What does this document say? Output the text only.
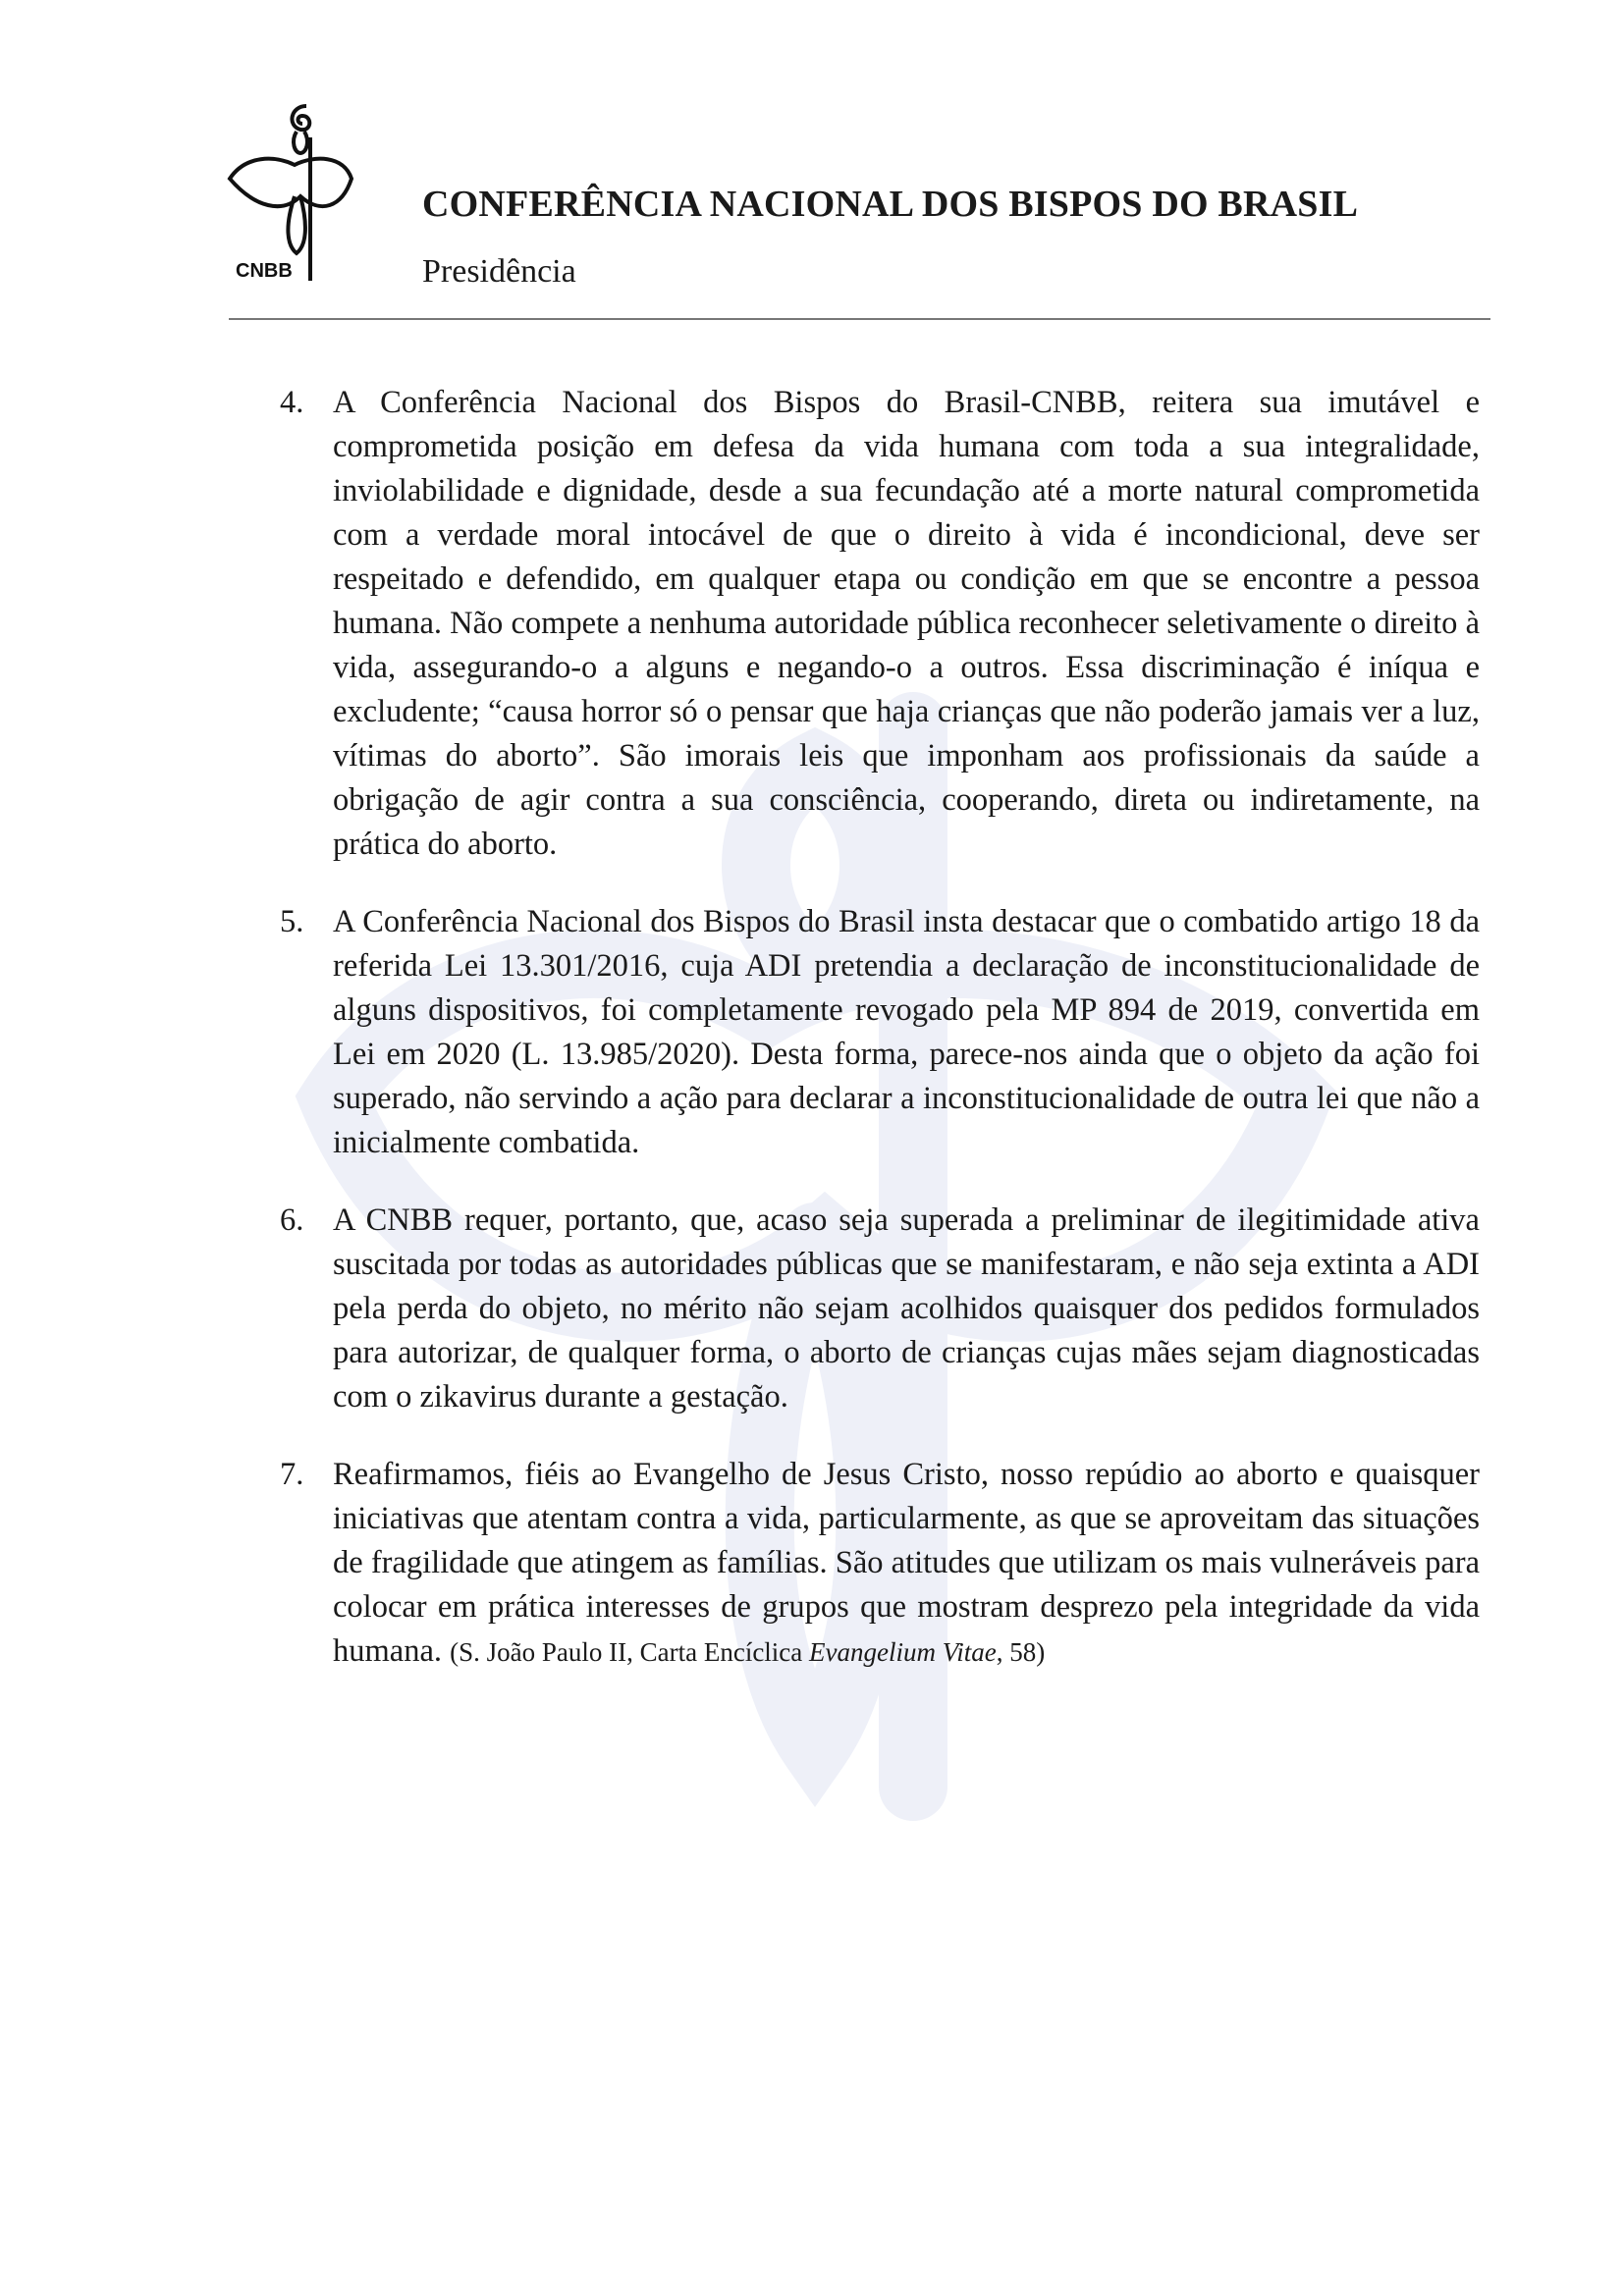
CNBB
CONFERÊNCIA NACIONAL DOS BISPOS DO BRASIL
Presidência
4. A Conferência Nacional dos Bispos do Brasil-CNBB, reitera sua imutável e comprometida posição em defesa da vida humana com toda a sua integralidade, inviolabilidade e dignidade, desde a sua fecundação até a morte natural comprometida com a verdade moral intocável de que o direito à vida é incondicional, deve ser respeitado e defendido, em qualquer etapa ou condição em que se encontre a pessoa humana. Não compete a nenhuma autoridade pública reconhecer seletivamente o direito à vida, assegurando-o a alguns e negando-o a outros. Essa discriminação é iníqua e excludente; “causa horror só o pensar que haja crianças que não poderão jamais ver a luz, vítimas do aborto”. São imorais leis que imponham aos profissionais da saúde a obrigação de agir contra a sua consciência, cooperando, direta ou indiretamente, na prática do aborto.
5. A Conferência Nacional dos Bispos do Brasil insta destacar que o combatido artigo 18 da referida Lei 13.301/2016, cuja ADI pretendia a declaração de inconstitucionalidade de alguns dispositivos, foi completamente revogado pela MP 894 de 2019, convertida em Lei em 2020 (L. 13.985/2020). Desta forma, parece-nos ainda que o objeto da ação foi superado, não servindo a ação para declarar a inconstitucionalidade de outra lei que não a inicialmente combatida.
6. A CNBB requer, portanto, que, acaso seja superada a preliminar de ilegitimidade ativa suscitada por todas as autoridades públicas que se manifestaram, e não seja extinta a ADI pela perda do objeto, no mérito não sejam acolhidos quaisquer dos pedidos formulados para autorizar, de qualquer forma, o aborto de crianças cujas mães sejam diagnosticadas com o zikavirus durante a gestação.
7. Reafirmamos, fiéis ao Evangelho de Jesus Cristo, nosso repúdio ao aborto e quaisquer iniciativas que atentam contra a vida, particularmente, as que se aproveitam das situações de fragilidade que atingem as famílias. São atitudes que utilizam os mais vulneráveis para colocar em prática interesses de grupos que mostram desprezo pela integridade da vida humana. (S. João Paulo II, Carta Encíclica Evangelium Vitae, 58)
